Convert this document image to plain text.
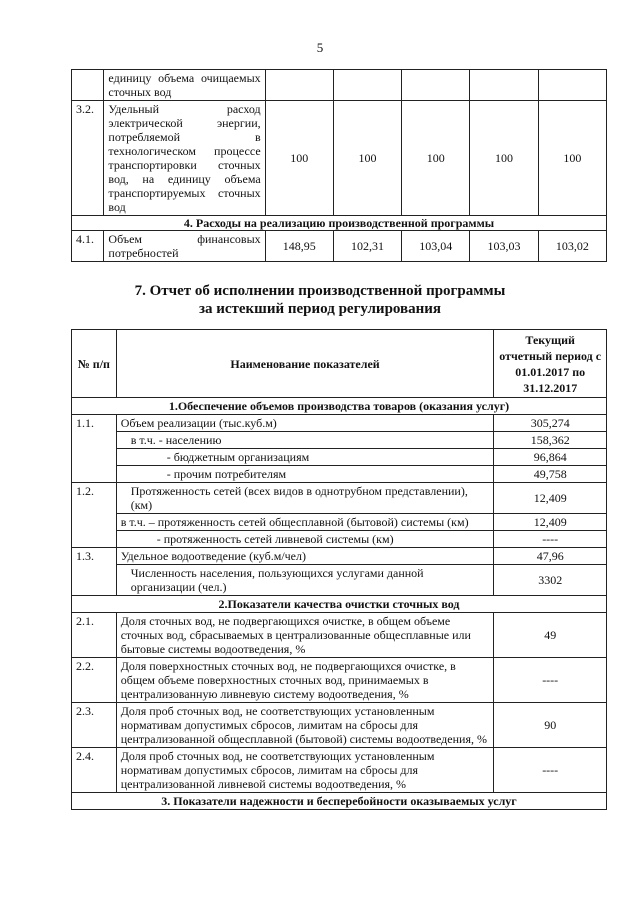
5
	единицу объема очищаемых сточных вод					
3.2.	Удельный расход электрической энергии, потребляемой в технологическом процессе транспортировки сточных вод, на единицу объема транспортируемых сточных вод	100	100	100	100	100
4. Расходы на реализацию производственной программы						
4.1.	Объем финансовых потребностей	148,95	102,31	103,04	103,03	103,02
7. Отчет об исполнении производственной программы
за истекший период регулирования
№ п/п	Наименование показателей	Текущий отчетный период с 01.01.2017 по 31.12.2017
1.Обеспечение объемов производства товаров (оказания услуг)		
1.1.	Объем реализации (тыс.куб.м)	305,274
	в т.ч. - населению	158,362
	- бюджетным организациям	96,864
	- прочим потребителям	49,758
1.2.	Протяженность сетей (всех видов в однотрубном представлении), (км)	12,409
	в т.ч. – протяженность сетей общесплавной (бытовой) системы (км)	12,409
	- протяженность сетей ливневой системы (км)	----
1.3.	Удельное водоотведение (куб.м/чел)	47,96
	Численность населения, пользующихся услугами данной организации (чел.)	3302
2.Показатели качества очистки сточных вод		
2.1.	Доля сточных вод, не подвергающихся очистке, в общем объеме сточных вод, сбрасываемых в централизованные общесплавные или бытовые системы водоотведения, %	49
2.2.	Доля поверхностных сточных вод, не подвергающихся очистке, в общем объеме поверхностных сточных вод, принимаемых в централизованную ливневую систему водоотведения, %	----
2.3.	Доля проб сточных вод, не соответствующих установленным нормативам допустимых сбросов, лимитам на сбросы для централизованной общесплавной (бытовой) системы водоотведения, %	90
2.4.	Доля проб сточных вод, не соответствующих установленным нормативам допустимых сбросов, лимитам на сбросы для централизованной ливневой системы водоотведения, %	----
3. Показатели надежности и бесперебойности оказываемых услуг		
